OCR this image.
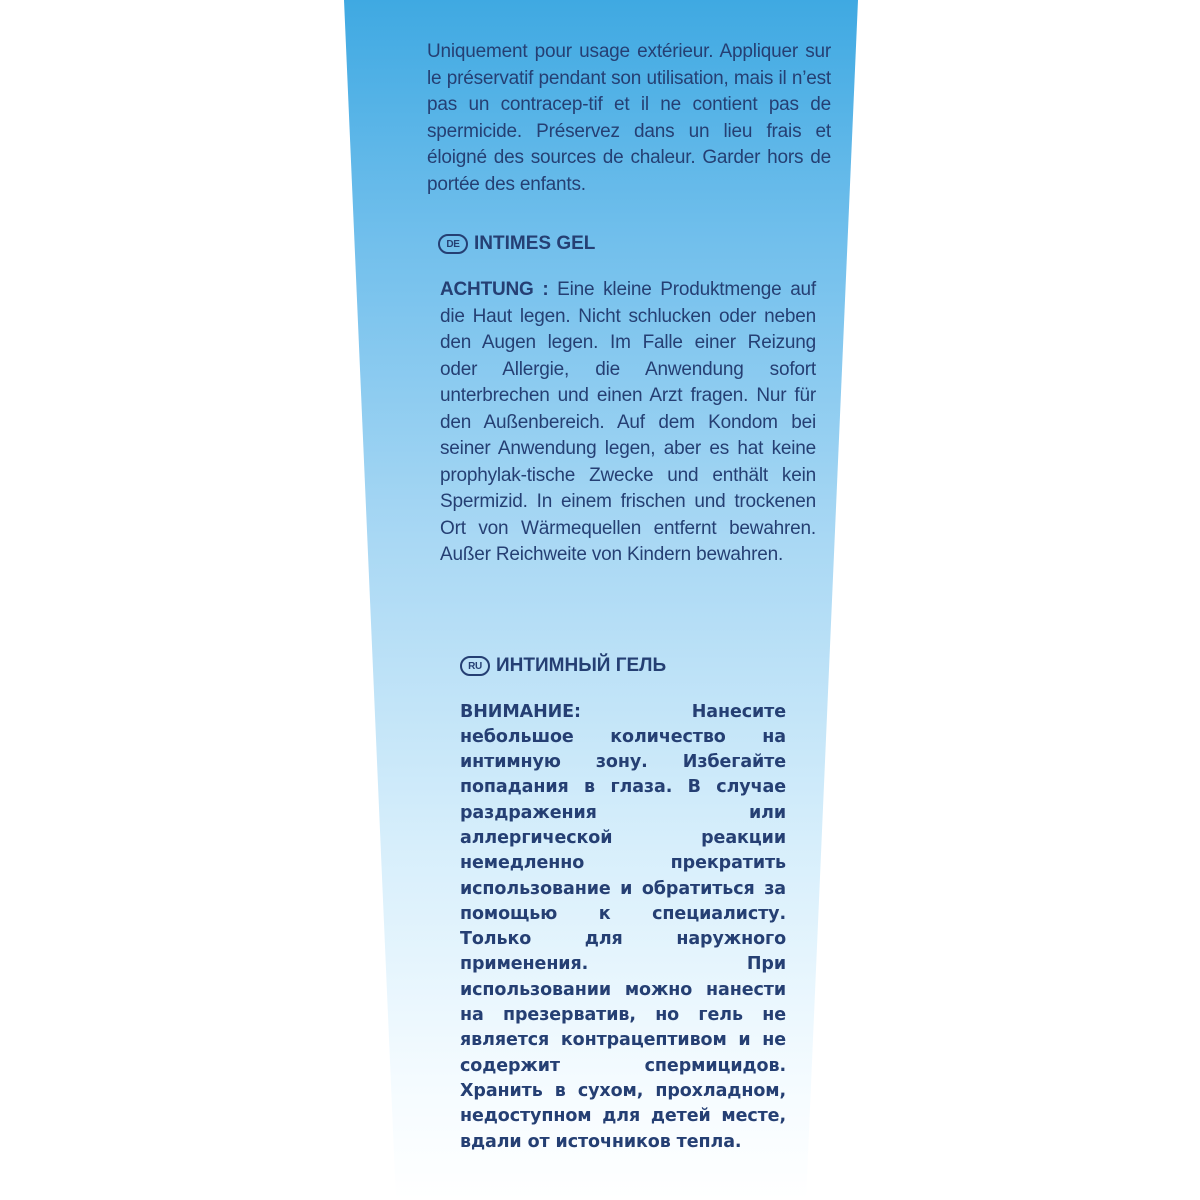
Uniquement pour usage extérieur. Appliquer sur le préservatif pendant son utilisation, mais il n’est pas un contracep-tif et il ne contient pas de spermicide. Préservez dans un lieu frais et éloigné des sources de chaleur. Garder hors de portée des enfants.

DE INTIMES GEL

ACHTUNG : Eine kleine Produktmenge auf die Haut legen. Nicht schlucken oder neben den Augen legen. Im Falle einer Reizung oder Allergie, die Anwendung sofort unterbrechen und einen Arzt fragen. Nur für den Außenbereich. Auf dem Kondom bei seiner Anwendung legen, aber es hat keine prophylak-tische Zwecke und enthält kein Spermizid. In einem frischen und trockenen Ort von Wärmequellen entfernt bewahren. Außer Reichweite von Kindern bewahren.

RU ИНТИМНЫЙ ГЕЛЬ

ВНИМАНИЕ: Нанесите небольшое количество на интимную зону. Избегайте попадания в глаза. В случае раздражения или аллергической реакции немедленно прекратить использование и обратиться за помощью к специалисту. Только для наружного применения. При использовании можно нанести на презерватив, но гель не является контрацептивом и не содержит спермицидов. Хранить в сухом, прохладном, недоступном для детей месте, вдали от источников тепла.
